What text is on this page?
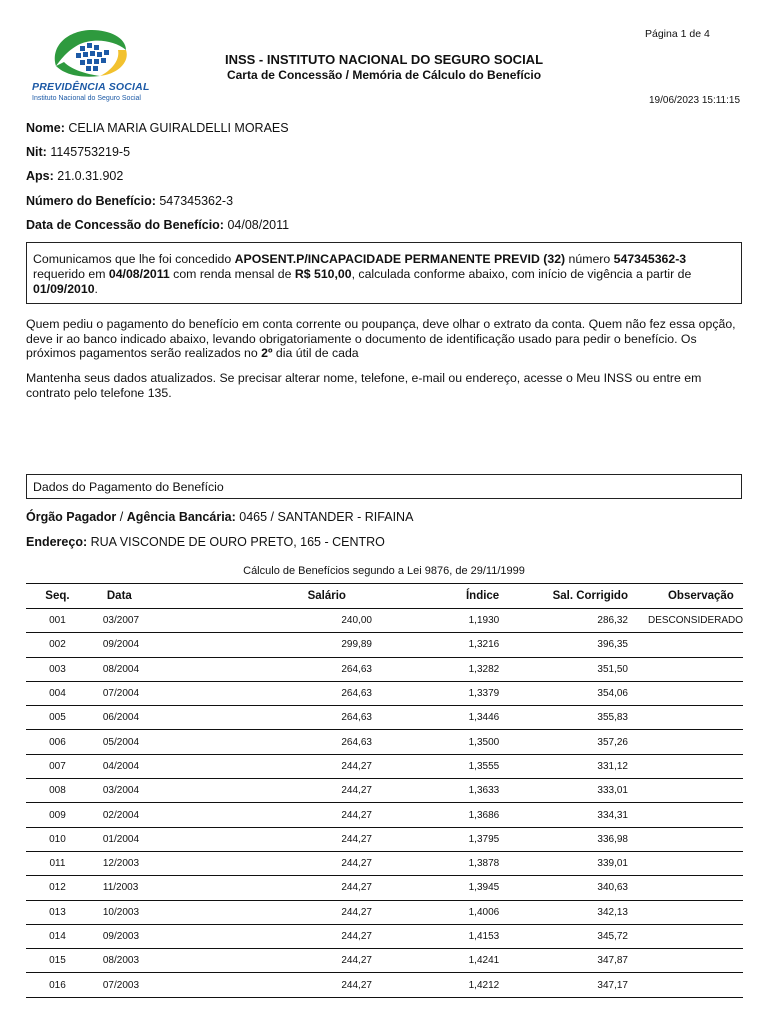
Página 1 de 4
PREVIDÊNCIA SOCIAL
Instituto Nacional do Seguro Social
INSS - INSTITUTO NACIONAL DO SEGURO SOCIAL
Carta de Concessão / Memória de Cálculo do Benefício
19/06/2023 15:11:15
Nome: CELIA MARIA GUIRALDELLI MORAES
Nit: 1145753219-5
Aps: 21.0.31.902
Número do Benefício: 547345362-3
Data de Concessão do Benefício: 04/08/2011
Comunicamos que lhe foi concedido APOSENT.P/INCAPACIDADE PERMANENTE PREVID (32) número 547345362-3 requerido em 04/08/2011 com renda mensal de R$ 510,00, calculada conforme abaixo, com início de vigência a partir de 01/09/2010.
Quem pediu o pagamento do benefício em conta corrente ou poupança, deve olhar o extrato da conta. Quem não fez essa opção, deve ir ao banco indicado abaixo, levando obrigatoriamente o documento de identificação usado para pedir o benefício. Os próximos pagamentos serão realizados no 2º dia útil de cada
Mantenha seus dados atualizados. Se precisar alterar nome, telefone, e-mail ou endereço, acesse o Meu INSS ou entre em contrato pelo telefone 135.
Dados do Pagamento do Benefício
Órgão Pagador / Agência Bancária: 0465 / SANTANDER - RIFAINA
Endereço: RUA VISCONDE DE OURO PRETO, 165 - CENTRO
Cálculo de Benefícios segundo a Lei 9876, de 29/11/1999
Seq.	Data	Salário	Índice	Sal. Corrigido	Observação
001	03/2007	240,00	1,1930	286,32	DESCONSIDERADO
002	09/2004	299,89	1,3216	396,35	
003	08/2004	264,63	1,3282	351,50	
004	07/2004	264,63	1,3379	354,06	
005	06/2004	264,63	1,3446	355,83	
006	05/2004	264,63	1,3500	357,26	
007	04/2004	244,27	1,3555	331,12	
008	03/2004	244,27	1,3633	333,01	
009	02/2004	244,27	1,3686	334,31	
010	01/2004	244,27	1,3795	336,98	
011	12/2003	244,27	1,3878	339,01	
012	11/2003	244,27	1,3945	340,63	
013	10/2003	244,27	1,4006	342,13	
014	09/2003	244,27	1,4153	345,72	
015	08/2003	244,27	1,4241	347,87	
016	07/2003	244,27	1,4212	347,17	
